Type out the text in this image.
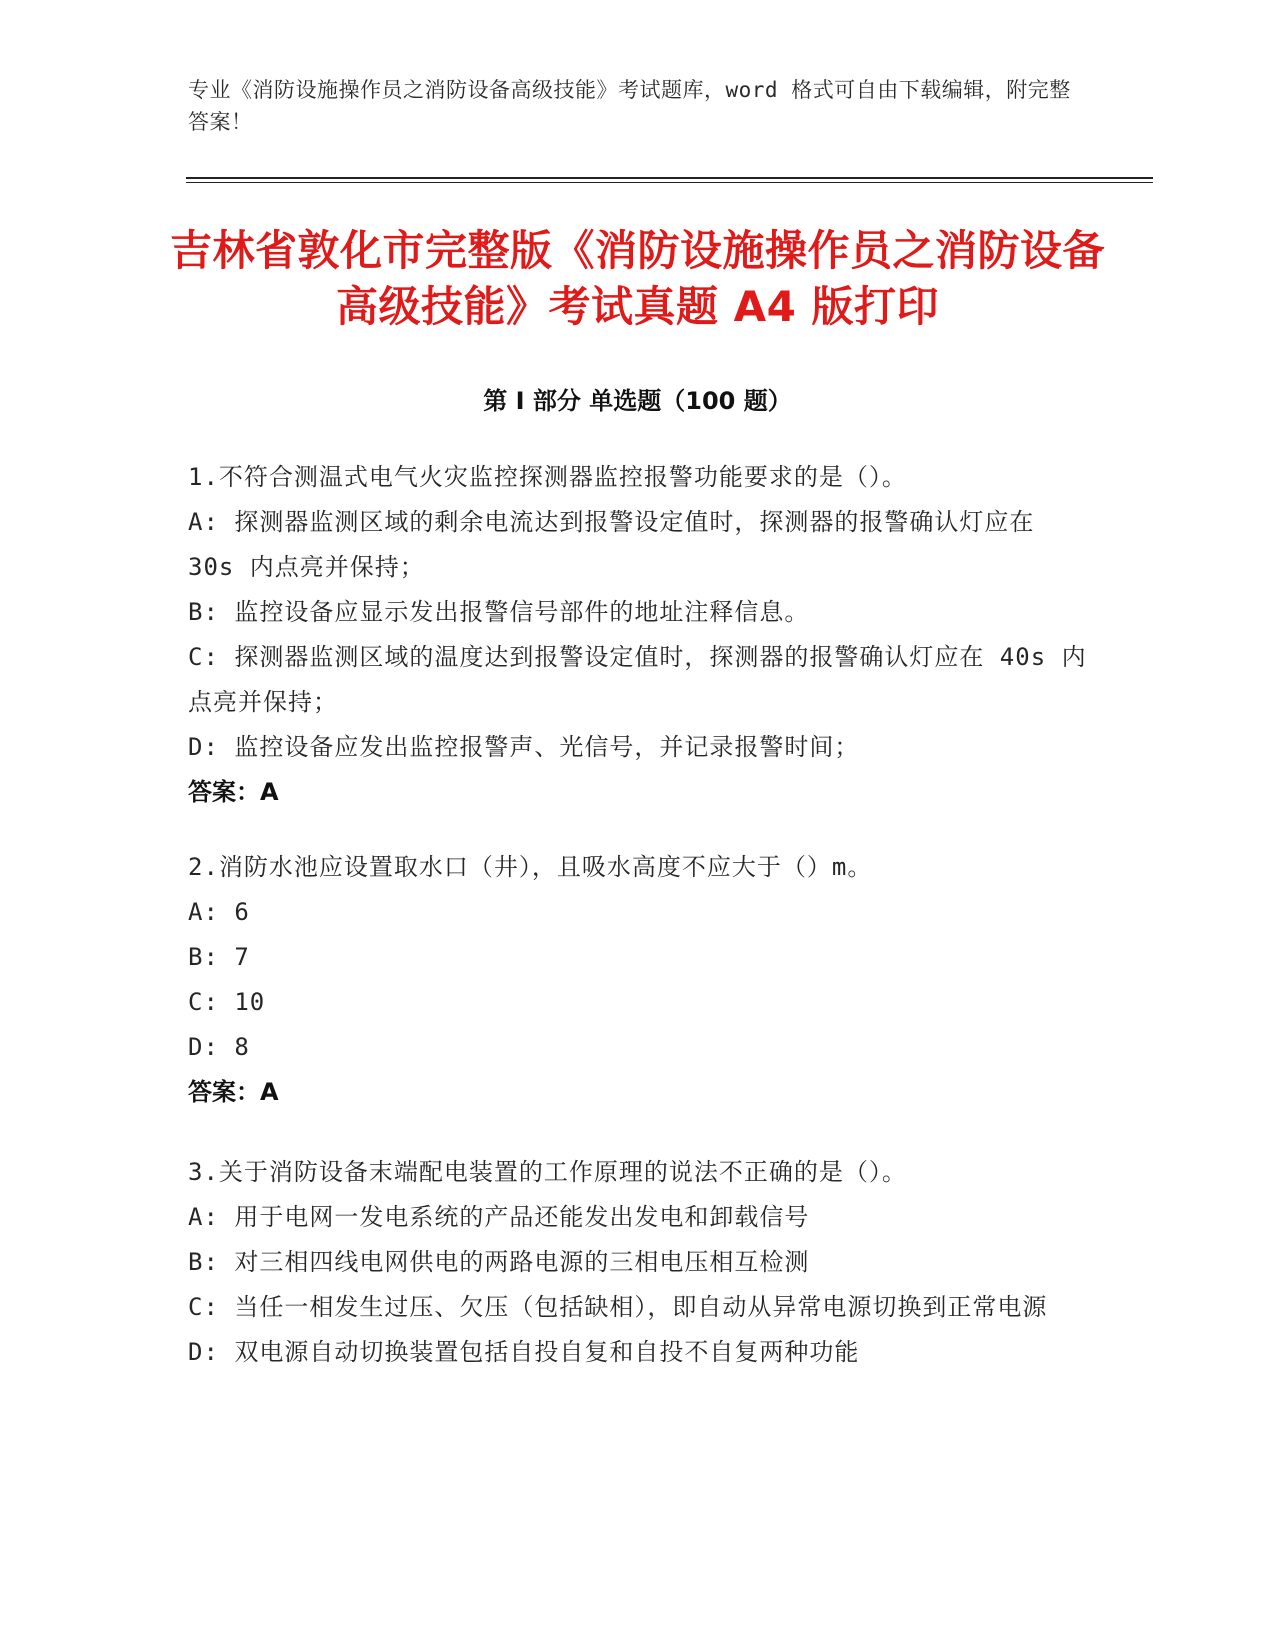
专业《消防设施操作员之消防设备高级技能》考试题库，word 格式可自由下载编辑，附完整答案！
吉林省敦化市完整版《消防设施操作员之消防设备高级技能》考试真题 A4 版打印
第 I 部分 单选题（100 题）
1.不符合测温式电气火灾监控探测器监控报警功能要求的是（）。
A: 探测器监测区域的剩余电流达到报警设定值时，探测器的报警确认灯应在 30s 内点亮并保持；
B: 监控设备应显示发出报警信号部件的地址注释信息。
C: 探测器监测区域的温度达到报警设定值时，探测器的报警确认灯应在 40s 内点亮并保持；
D: 监控设备应发出监控报警声、光信号，并记录报警时间；
答案：A
2.消防水池应设置取水口（井），且吸水高度不应大于（）m。
A: 6
B: 7
C: 10
D: 8
答案：A
3.关于消防设备末端配电装置的工作原理的说法不正确的是（）。
A: 用于电网一发电系统的产品还能发出发电和卸载信号
B: 对三相四线电网供电的两路电源的三相电压相互检测
C: 当任一相发生过压、欠压（包括缺相），即自动从异常电源切换到正常电源
D: 双电源自动切换装置包括自投自复和自投不自复两种功能
